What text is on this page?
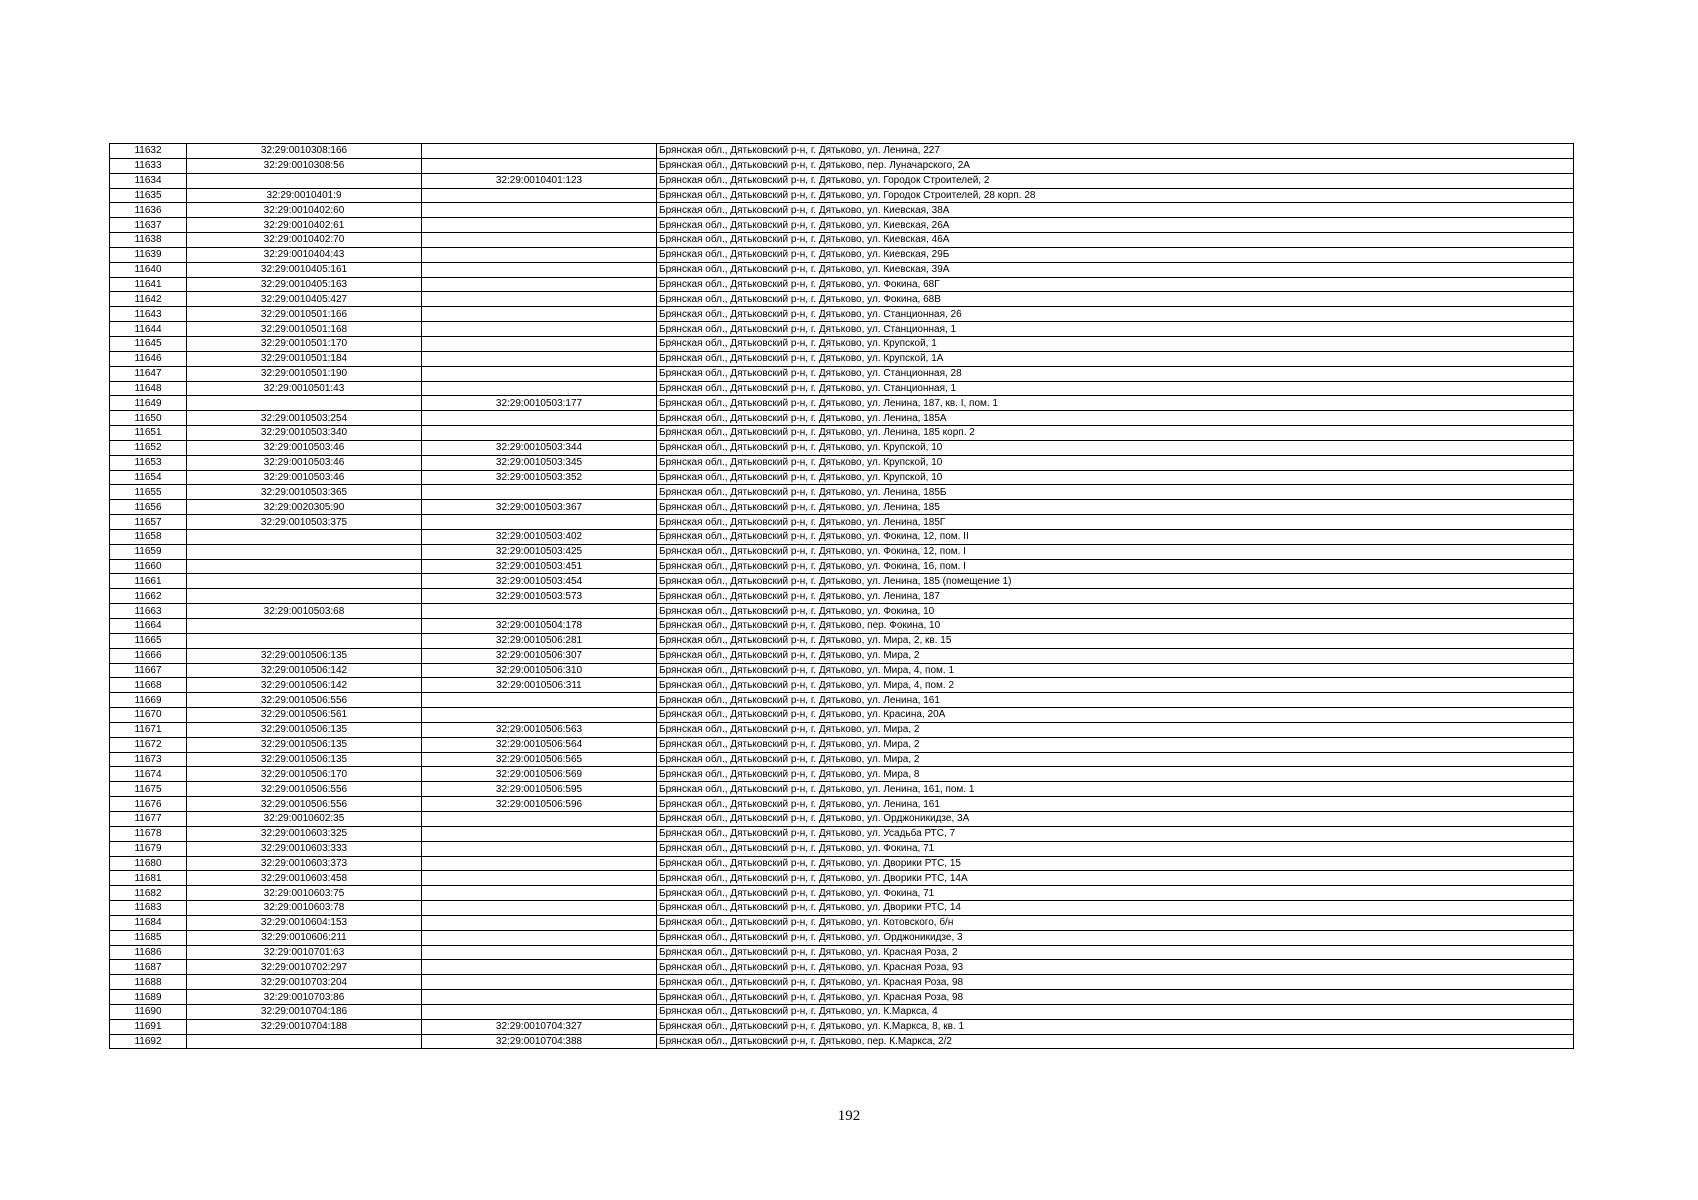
11632	32:29:0010308:166		Брянская обл., Дятьковский р-н, г. Дятьково, ул. Ленина, 227
11633	32:29:0010308:56		Брянская обл., Дятьковский р-н, г. Дятьково, пер. Луначарского, 2А
11634		32:29:0010401:123	Брянская обл., Дятьковский р-н, г. Дятьково, ул. Городок Строителей, 2
11635	32:29:0010401:9		Брянская обл., Дятьковский р-н, г. Дятьково, ул. Городок Строителей, 28 корп. 28
11636	32:29:0010402:60		Брянская обл., Дятьковский р-н, г. Дятьково, ул. Киевская, 38А
11637	32:29:0010402:61		Брянская обл., Дятьковский р-н, г. Дятьково, ул. Киевская, 26А
11638	32:29:0010402:70		Брянская обл., Дятьковский р-н, г. Дятьково, ул. Киевская, 46А
11639	32:29:0010404:43		Брянская обл., Дятьковский р-н, г. Дятьково, ул. Киевская, 29Б
11640	32:29:0010405:161		Брянская обл., Дятьковский р-н, г. Дятьково, ул. Киевская, 39А
11641	32:29:0010405:163		Брянская обл., Дятьковский р-н, г. Дятьково, ул. Фокина, 68Г
11642	32:29:0010405:427		Брянская обл., Дятьковский р-н, г. Дятьково, ул. Фокина, 68В
11643	32:29:0010501:166		Брянская обл., Дятьковский р-н, г. Дятьково, ул. Станционная, 26
11644	32:29:0010501:168		Брянская обл., Дятьковский р-н, г. Дятьково, ул. Станционная, 1
11645	32:29:0010501:170		Брянская обл., Дятьковский р-н, г. Дятьково, ул. Крупской, 1
11646	32:29:0010501:184		Брянская обл., Дятьковский р-н, г. Дятьково, ул. Крупской, 1А
11647	32:29:0010501:190		Брянская обл., Дятьковский р-н, г. Дятьково, ул. Станционная, 28
11648	32:29:0010501:43		Брянская обл., Дятьковский р-н, г. Дятьково, ул. Станционная, 1
11649		32:29:0010503:177	Брянская обл., Дятьковский р-н, г. Дятьково, ул. Ленина, 187, кв. I, пом. 1
11650	32:29:0010503:254		Брянская обл., Дятьковский р-н, г. Дятьково, ул. Ленина, 185А
11651	32:29:0010503:340		Брянская обл., Дятьковский р-н, г. Дятьково, ул. Ленина, 185 корп. 2
11652	32:29:0010503:46	32:29:0010503:344	Брянская обл., Дятьковский р-н, г. Дятьково, ул. Крупской, 10
11653	32:29:0010503:46	32:29:0010503:345	Брянская обл., Дятьковский р-н, г. Дятьково, ул. Крупской, 10
11654	32:29:0010503:46	32:29:0010503:352	Брянская обл., Дятьковский р-н, г. Дятьково, ул. Крупской, 10
11655	32:29:0010503:365		Брянская обл., Дятьковский р-н, г. Дятьково, ул. Ленина, 185Б
11656	32:29:0020305:90	32:29:0010503:367	Брянская обл., Дятьковский р-н, г. Дятьково, ул. Ленина, 185
11657	32:29:0010503:375		Брянская обл., Дятьковский р-н, г. Дятьково, ул. Ленина, 185Г
11658		32:29:0010503:402	Брянская обл., Дятьковский р-н, г. Дятьково, ул. Фокина, 12, пом. II
11659		32:29:0010503:425	Брянская обл., Дятьковский р-н, г. Дятьково, ул. Фокина, 12, пом. I
11660		32:29:0010503:451	Брянская обл., Дятьковский р-н, г. Дятьково, ул. Фокина, 16, пом. I
11661		32:29:0010503:454	Брянская обл., Дятьковский р-н, г. Дятьково, ул. Ленина, 185 (помещение 1)
11662		32:29:0010503:573	Брянская обл., Дятьковский р-н, г. Дятьково, ул. Ленина, 187
11663	32:29:0010503:68		Брянская обл., Дятьковский р-н, г. Дятьково, ул. Фокина, 10
11664		32:29:0010504:178	Брянская обл., Дятьковский р-н, г. Дятьково, пер. Фокина, 10
11665		32:29:0010506:281	Брянская обл., Дятьковский р-н, г. Дятьково, ул. Мира, 2, кв. 15
11666	32:29:0010506:135	32:29:0010506:307	Брянская обл., Дятьковский р-н, г. Дятьково, ул. Мира, 2
11667	32:29:0010506:142	32:29:0010506:310	Брянская обл., Дятьковский р-н, г. Дятьково, ул. Мира, 4, пом. 1
11668	32:29:0010506:142	32:29:0010506:311	Брянская обл., Дятьковский р-н, г. Дятьково, ул. Мира, 4, пом. 2
11669	32:29:0010506:556		Брянская обл., Дятьковский р-н, г. Дятьково, ул. Ленина, 161
11670	32:29:0010506:561		Брянская обл., Дятьковский р-н, г. Дятьково, ул. Красина, 20А
11671	32:29:0010506:135	32:29:0010506:563	Брянская обл., Дятьковский р-н, г. Дятьково, ул. Мира, 2
11672	32:29:0010506:135	32:29:0010506:564	Брянская обл., Дятьковский р-н, г. Дятьково, ул. Мира, 2
11673	32:29:0010506:135	32:29:0010506:565	Брянская обл., Дятьковский р-н, г. Дятьково, ул. Мира, 2
11674	32:29:0010506:170	32:29:0010506:569	Брянская обл., Дятьковский р-н, г. Дятьково, ул. Мира, 8
11675	32:29:0010506:556	32:29:0010506:595	Брянская обл., Дятьковский р-н, г. Дятьково, ул. Ленина, 161, пом. 1
11676	32:29:0010506:556	32:29:0010506:596	Брянская обл., Дятьковский р-н, г. Дятьково, ул. Ленина, 161
11677	32:29:0010602:35		Брянская обл., Дятьковский р-н, г. Дятьково, ул. Орджоникидзе, 3А
11678	32:29:0010603:325		Брянская обл., Дятьковский р-н, г. Дятьково, ул. Усадьба РТС, 7
11679	32:29:0010603:333		Брянская обл., Дятьковский р-н, г. Дятьково, ул. Фокина, 71
11680	32:29:0010603:373		Брянская обл., Дятьковский р-н, г. Дятьково, ул. Дворики РТС, 15
11681	32:29:0010603:458		Брянская обл., Дятьковский р-н, г. Дятьково, ул. Дворики РТС, 14А
11682	32:29:0010603:75		Брянская обл., Дятьковский р-н, г. Дятьково, ул. Фокина, 71
11683	32:29:0010603:78		Брянская обл., Дятьковский р-н, г. Дятьково, ул. Дворики РТС, 14
11684	32:29:0010604:153		Брянская обл., Дятьковский р-н, г. Дятьково, ул. Котовского, б/н
11685	32:29:0010606:211		Брянская обл., Дятьковский р-н, г. Дятьково, ул. Орджоникидзе, 3
11686	32:29:0010701:63		Брянская обл., Дятьковский р-н, г. Дятьково, ул. Красная Роза, 2
11687	32:29:0010702:297		Брянская обл., Дятьковский р-н, г. Дятьково, ул. Красная Роза, 93
11688	32:29:0010703:204		Брянская обл., Дятьковский р-н, г. Дятьково, ул. Красная Роза, 98
11689	32:29:0010703:86		Брянская обл., Дятьковский р-н, г. Дятьково, ул. Красная Роза, 98
11690	32:29:0010704:186		Брянская обл., Дятьковский р-н, г. Дятьково, ул. К.Маркса, 4
11691	32:29:0010704:188	32:29:0010704:327	Брянская обл., Дятьковский р-н, г. Дятьково, ул. К.Маркса, 8, кв. 1
11692		32:29:0010704:388	Брянская обл., Дятьковский р-н, г. Дятьково, пер. К.Маркса, 2/2
192
